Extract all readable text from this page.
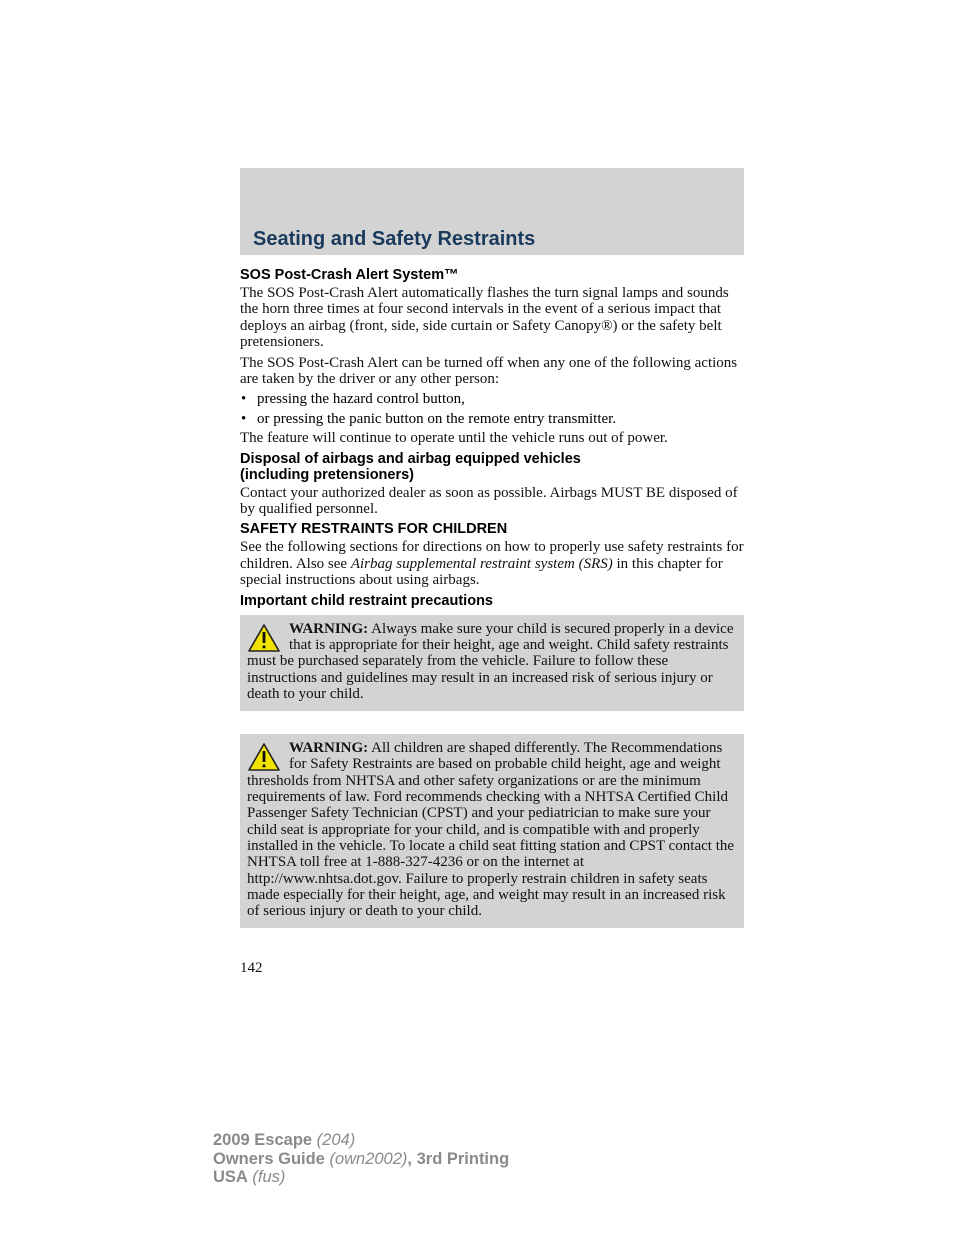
Seating and Safety Restraints
SOS Post-Crash Alert System™

The SOS Post-Crash Alert automatically flashes the turn signal lamps and sounds the horn three times at four second intervals in the event of a serious impact that deploys an airbag (front, side, side curtain or Safety Canopy®) or the safety belt pretensioners.

The SOS Post-Crash Alert can be turned off when any one of the following actions are taken by the driver or any other person:

• pressing the hazard control button,
• or pressing the panic button on the remote entry transmitter.

The feature will continue to operate until the vehicle runs out of power.

Disposal of airbags and airbag equipped vehicles
(including pretensioners)

Contact your authorized dealer as soon as possible. Airbags MUST BE disposed of by qualified personnel.

SAFETY RESTRAINTS FOR CHILDREN

See the following sections for directions on how to properly use safety restraints for children. Also see Airbag supplemental restraint system (SRS) in this chapter for special instructions about using airbags.

Important child restraint precautions
WARNING: Always make sure your child is secured properly in a device that is appropriate for their height, age and weight. Child safety restraints must be purchased separately from the vehicle. Failure to follow these instructions and guidelines may result in an increased risk of serious injury or death to your child.
WARNING: All children are shaped differently. The Recommendations for Safety Restraints are based on probable child height, age and weight thresholds from NHTSA and other safety organizations or are the minimum requirements of law. Ford recommends checking with a NHTSA Certified Child Passenger Safety Technician (CPST) and your pediatrician to make sure your child seat is appropriate for your child, and is compatible with and properly installed in the vehicle. To locate a child seat fitting station and CPST contact the NHTSA toll free at 1-888-327-4236 or on the internet at http://www.nhtsa.dot.gov. Failure to properly restrain children in safety seats made especially for their height, age, and weight may result in an increased risk of serious injury or death to your child.
142
2009 Escape (204)
Owners Guide (own2002), 3rd Printing
USA (fus)
